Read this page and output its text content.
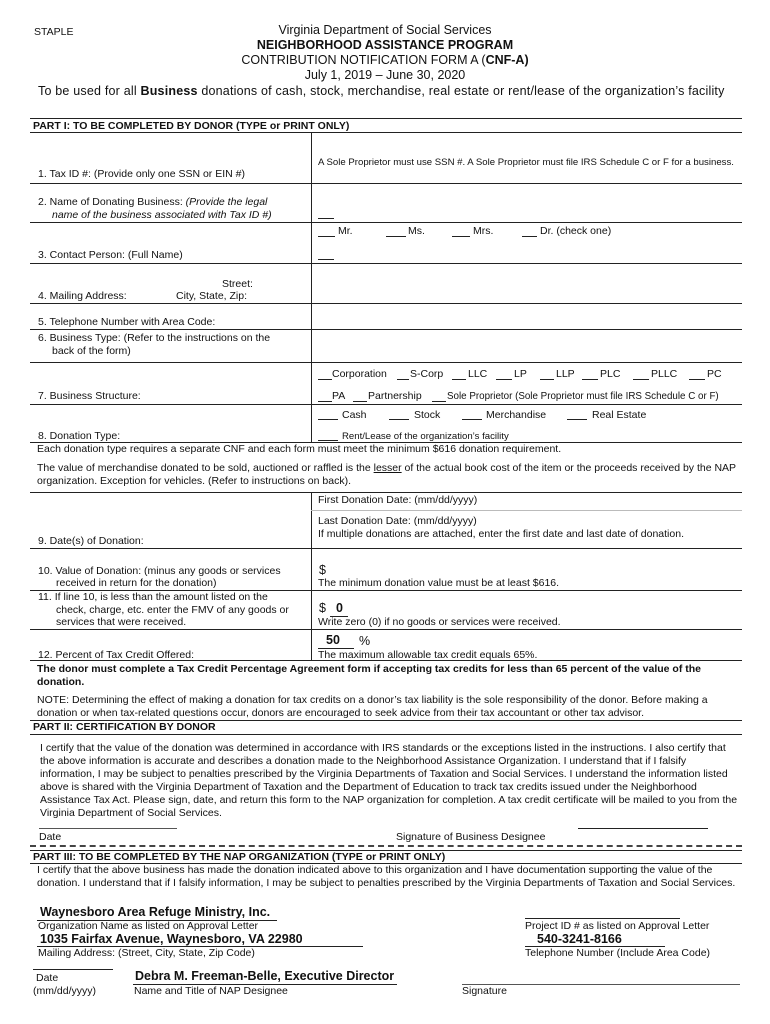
STAPLE	Virginia Department of Social Services
NEIGHBORHOOD ASSISTANCE PROGRAM
CONTRIBUTION NOTIFICATION FORM A (CNF-A)
July 1, 2019 – June 30, 2020
To be used for all Business donations of cash, stock, merchandise, real estate or rent/lease of the organization’s facility
PART I: TO BE COMPLETED BY DONOR (TYPE or PRINT ONLY)
1. Tax ID #: (Provide only one SSN or EIN #)
A Sole Proprietor must use SSN #. A Sole Proprietor must file IRS Schedule C or F for a business.
2. Name of Donating Business: (Provide the legal
name of the business associated with Tax ID #)
Mr.	Ms.	Mrs.	Dr. (check one)
3. Contact Person: (Full Name)
Street:
4. Mailing Address:	City, State, Zip:
5. Telephone Number with Area Code:
6. Business Type: (Refer to the instructions on the
back of the form)
Corporation S-Corp LLC	LP	LLP PLC	PLLC	PC
7. Business Structure:	PA Partnership	Sole Proprietor (Sole Proprietor must file IRS Schedule C or F)
Cash	Stock	Merchandise	Real Estate
8. Donation Type:	Rent/Lease of the organization’s facility
Each donation type requires a separate CNF and each form must meet the minimum $616 donation requirement.
The value of merchandise donated to be sold, auctioned or raffled is the lesser of the actual book cost of the item or the proceeds received by the NAP organization. Exception for vehicles. (Refer to instructions on back).
First Donation Date: (mm/dd/yyyy)
Last Donation Date: (mm/dd/yyyy)
If multiple donations are attached, enter the first date and last date of donation.
9. Date(s) of Donation:
10. Value of Donation: (minus any goods or services
received in return for the donation)
$
The minimum donation value must be at least $616.
11. If line 10, is less than the amount listed on the
check, charge, etc. enter the FMV of any goods or
services that were received.
$ 0
Write zero (0) if no goods or services were received.
50 %
12. Percent of Tax Credit Offered:	The maximum allowable tax credit equals 65%.
The donor must complete a Tax Credit Percentage Agreement form if accepting tax credits for less than 65 percent of the value of the donation.
NOTE: Determining the effect of making a donation for tax credits on a donor’s tax liability is the sole responsibility of the donor. Before making a donation or when tax-related questions occur, donors are encouraged to seek advice from their tax accountant or other tax advisor.
PART II: CERTIFICATION BY DONOR
I certify that the value of the donation was determined in accordance with IRS standards or the exceptions listed in the instructions. I also certify that the above information is accurate and describes a donation made to the Neighborhood Assistance Organization. I understand that if I falsify information, I may be subject to penalties prescribed by the Virginia Departments of Taxation and Social Services. I understand the information listed above is shared with the Virginia Department of Taxation and the Department of Education to track tax credits issued under the Neighborhood Assistance Tax Act. Please sign, date, and return this form to the NAP organization for completion. A tax credit certificate will be mailed to you from the Virginia Department of Social Services.
Date	Signature of Business Designee
PART III: TO BE COMPLETED BY THE NAP ORGANIZATION (TYPE or PRINT ONLY)
I certify that the above business has made the donation indicated above to this organization and I have documentation supporting the value of the donation. I understand that if I falsify information, I may be subject to penalties prescribed by the Virginia Departments of Taxation and Social Services.
Waynesboro Area Refuge Ministry, Inc.
Organization Name as listed on Approval Letter	Project ID # as listed on Approval Letter
1035 Fairfax Avenue, Waynesboro, VA 22980
Mailing Address: (Street, City, State, Zip Code)
540-3241-8166
Telephone Number (Include Area Code)
Date
(mm/dd/yyyy)
Debra M. Freeman-Belle, Executive Director
Name and Title of NAP Designee	Signature
